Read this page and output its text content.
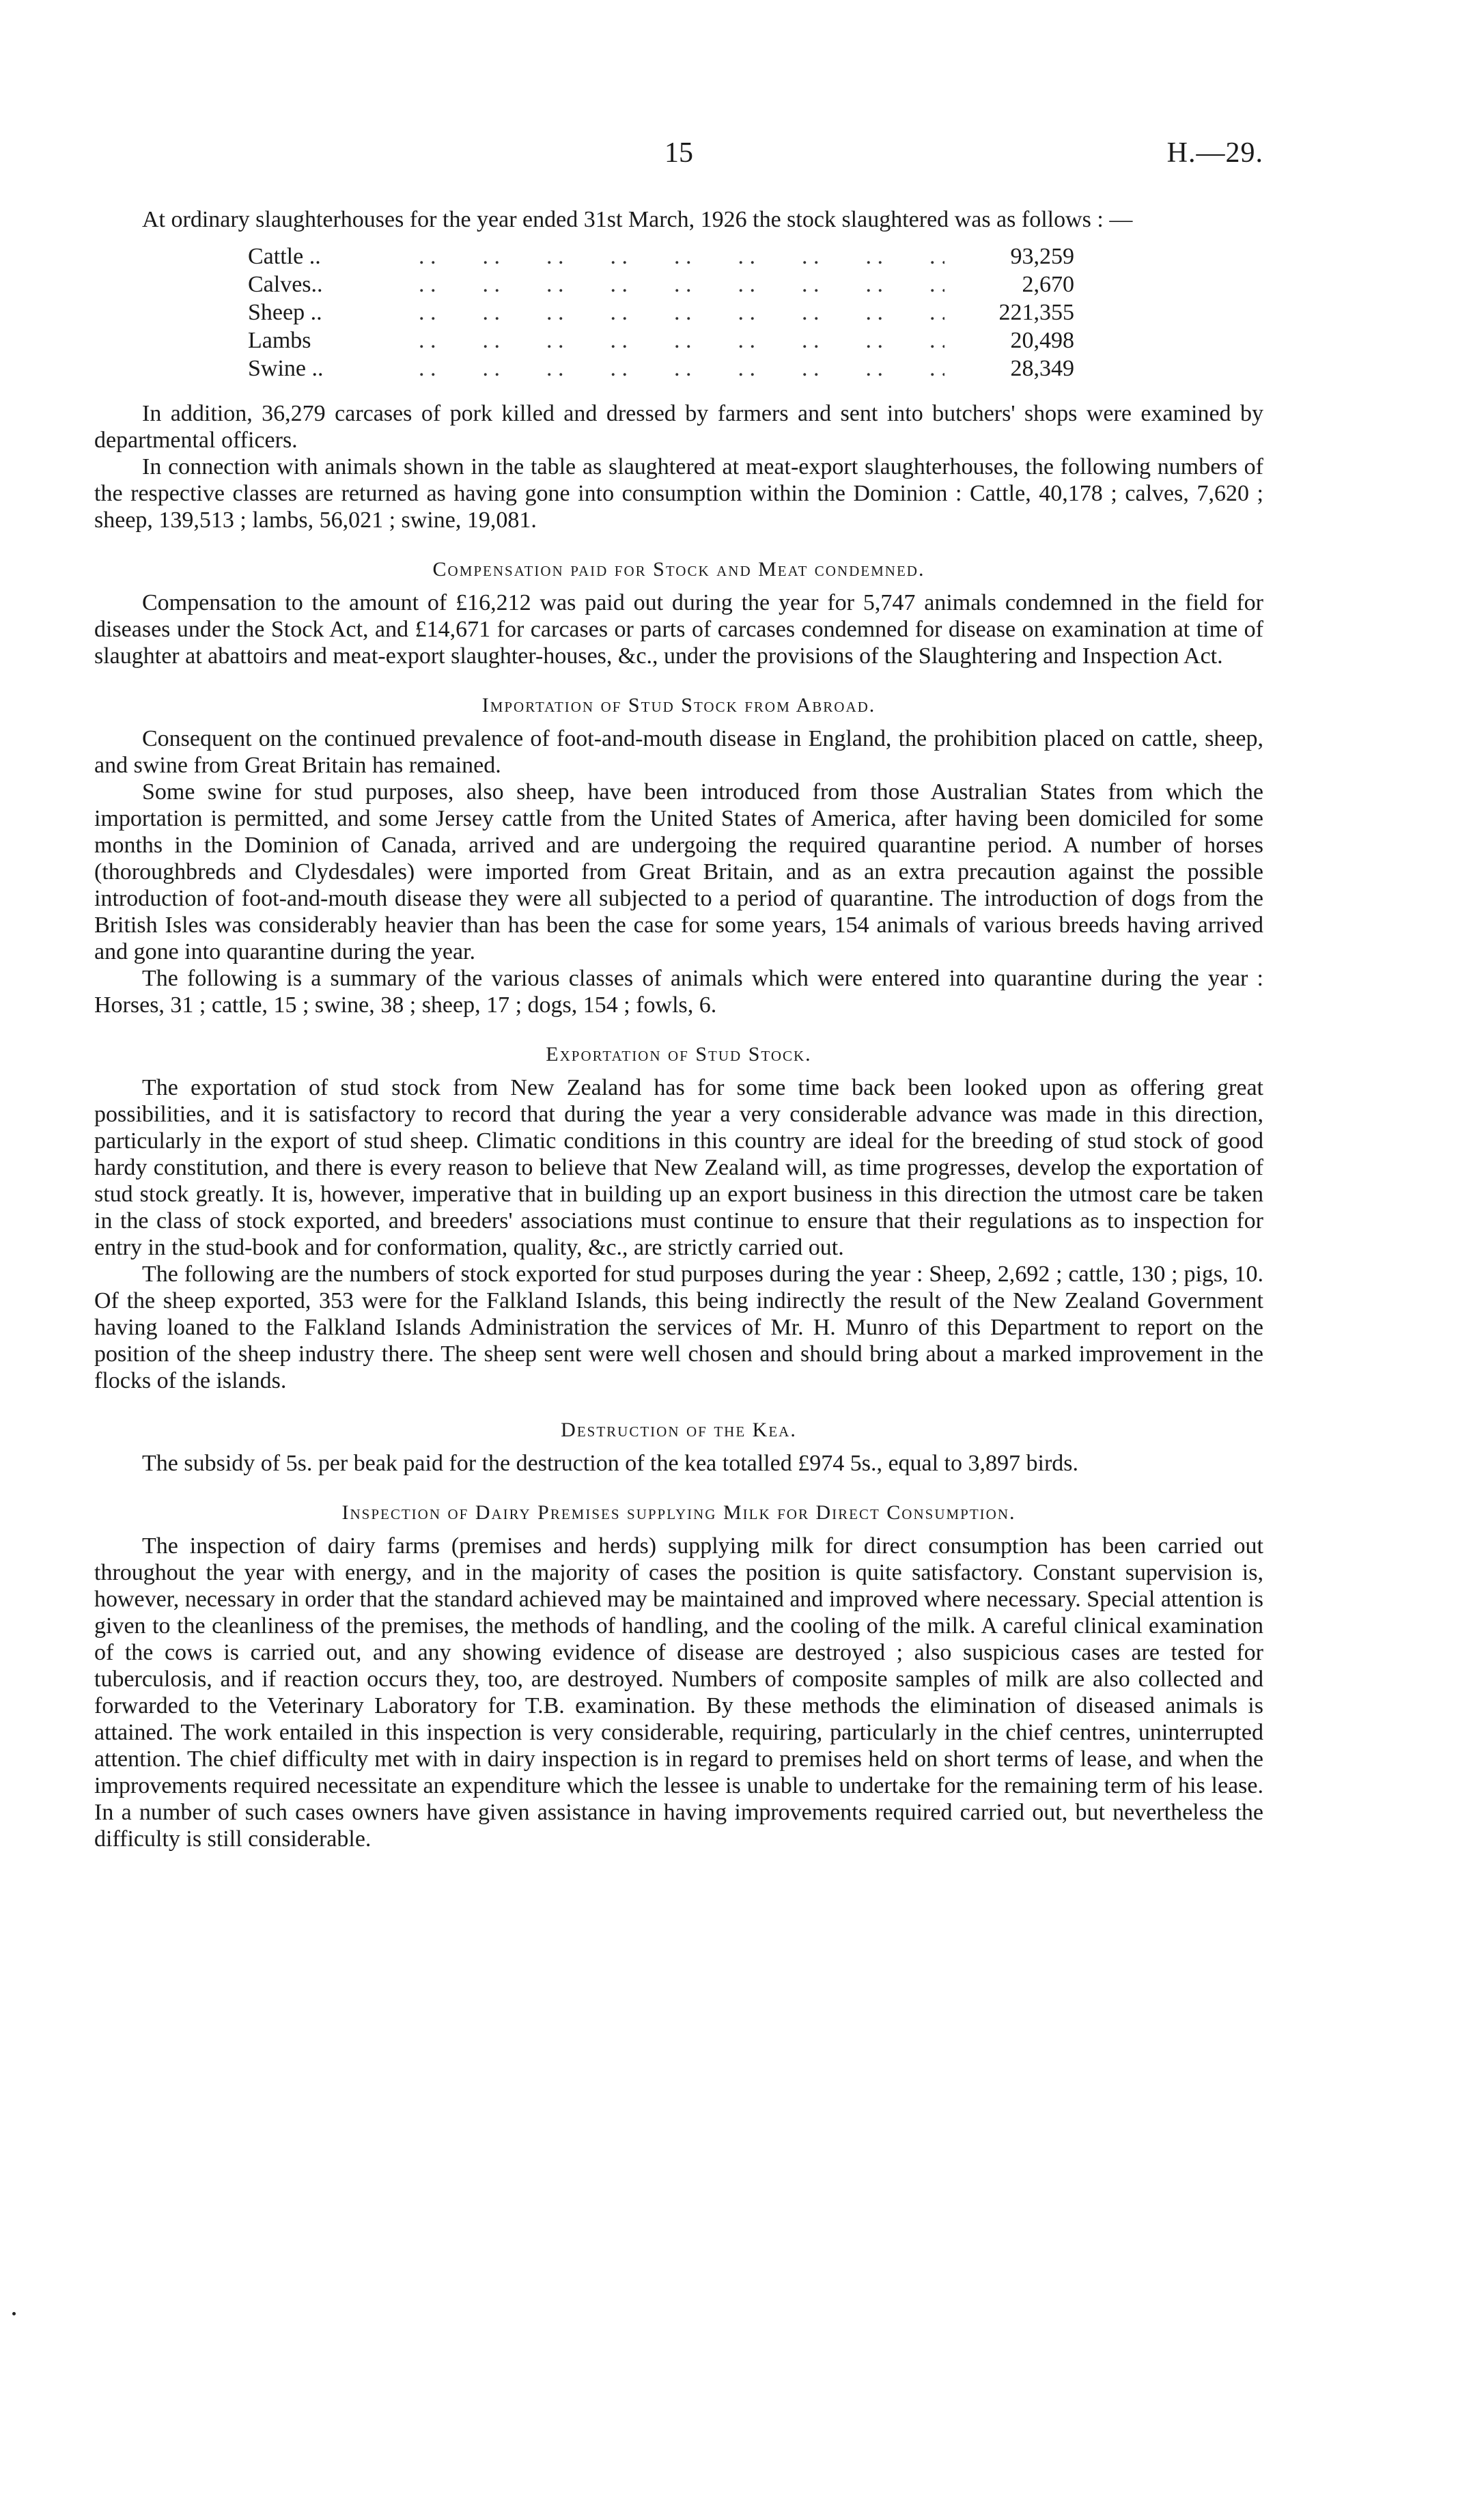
15	H.—29.

At ordinary slaughterhouses for the year ended 31st March, 1926 the stock slaughtered was as follows : —

Cattle .. . .	93,259
Calves.. . .	2,670
Sheep .. . .	221,355
Lambs . .	20,498
Swine .. . .	28,349

In addition, 36,279 carcases of pork killed and dressed by farmers and sent into butchers' shops were examined by departmental officers.

In connection with animals shown in the table as slaughtered at meat-export slaughterhouses, the following numbers of the respective classes are returned as having gone into consumption within the Dominion : Cattle, 40,178 ; calves, 7,620 ; sheep, 139,513 ; lambs, 56,021 ; swine, 19,081.

Compensation paid for Stock and Meat condemned.

Compensation to the amount of £16,212 was paid out during the year for 5,747 animals condemned in the field for diseases under the Stock Act, and £14,671 for carcases or parts of carcases condemned for disease on examination at time of slaughter at abattoirs and meat-export slaughter-houses, &c., under the provisions of the Slaughtering and Inspection Act.

Importation of Stud Stock from Abroad.

Consequent on the continued prevalence of foot-and-mouth disease in England, the prohibition placed on cattle, sheep, and swine from Great Britain has remained.

Some swine for stud purposes, also sheep, have been introduced from those Australian States from which the importation is permitted, and some Jersey cattle from the United States of America, after having been domiciled for some months in the Dominion of Canada, arrived and are undergoing the required quarantine period. A number of horses (thoroughbreds and Clydesdales) were imported from Great Britain, and as an extra precaution against the possible introduction of foot-and-mouth disease they were all subjected to a period of quarantine. The introduction of dogs from the British Isles was considerably heavier than has been the case for some years, 154 animals of various breeds having arrived and gone into quarantine during the year.

The following is a summary of the various classes of animals which were entered into quarantine during the year : Horses, 31 ; cattle, 15 ; swine, 38 ; sheep, 17 ; dogs, 154 ; fowls, 6.

Exportation of Stud Stock.

The exportation of stud stock from New Zealand has for some time back been looked upon as offering great possibilities, and it is satisfactory to record that during the year a very considerable advance was made in this direction, particularly in the export of stud sheep. Climatic conditions in this country are ideal for the breeding of stud stock of good hardy constitution, and there is every reason to believe that New Zealand will, as time progresses, develop the exportation of stud stock greatly. It is, however, imperative that in building up an export business in this direction the utmost care be taken in the class of stock exported, and breeders' associations must continue to ensure that their regulations as to inspection for entry in the stud-book and for conformation, quality, &c., are strictly carried out.

The following are the numbers of stock exported for stud purposes during the year : Sheep, 2,692 ; cattle, 130 ; pigs, 10. Of the sheep exported, 353 were for the Falkland Islands, this being indirectly the result of the New Zealand Government having loaned to the Falkland Islands Administration the services of Mr. H. Munro of this Department to report on the position of the sheep industry there. The sheep sent were well chosen and should bring about a marked improvement in the flocks of the islands.

Destruction of the Kea.

The subsidy of 5s. per beak paid for the destruction of the kea totalled £974 5s., equal to 3,897 birds.

Inspection of Dairy Premises supplying Milk for Direct Consumption.

The inspection of dairy farms (premises and herds) supplying milk for direct consumption has been carried out throughout the year with energy, and in the majority of cases the position is quite satisfactory. Constant supervision is, however, necessary in order that the standard achieved may be maintained and improved where necessary. Special attention is given to the cleanliness of the premises, the methods of handling, and the cooling of the milk. A careful clinical examination of the cows is carried out, and any showing evidence of disease are destroyed ; also suspicious cases are tested for tuberculosis, and if reaction occurs they, too, are destroyed. Numbers of composite samples of milk are also collected and forwarded to the Veterinary Laboratory for T.B. examination. By these methods the elimination of diseased animals is attained. The work entailed in this inspection is very considerable, requiring, particularly in the chief centres, uninterrupted attention. The chief difficulty met with in dairy inspection is in regard to premises held on short terms of lease, and when the improvements required necessitate an expenditure which the lessee is unable to undertake for the remaining term of his lease. In a number of such cases owners have given assistance in having improvements required carried out, but nevertheless the difficulty is still considerable.
